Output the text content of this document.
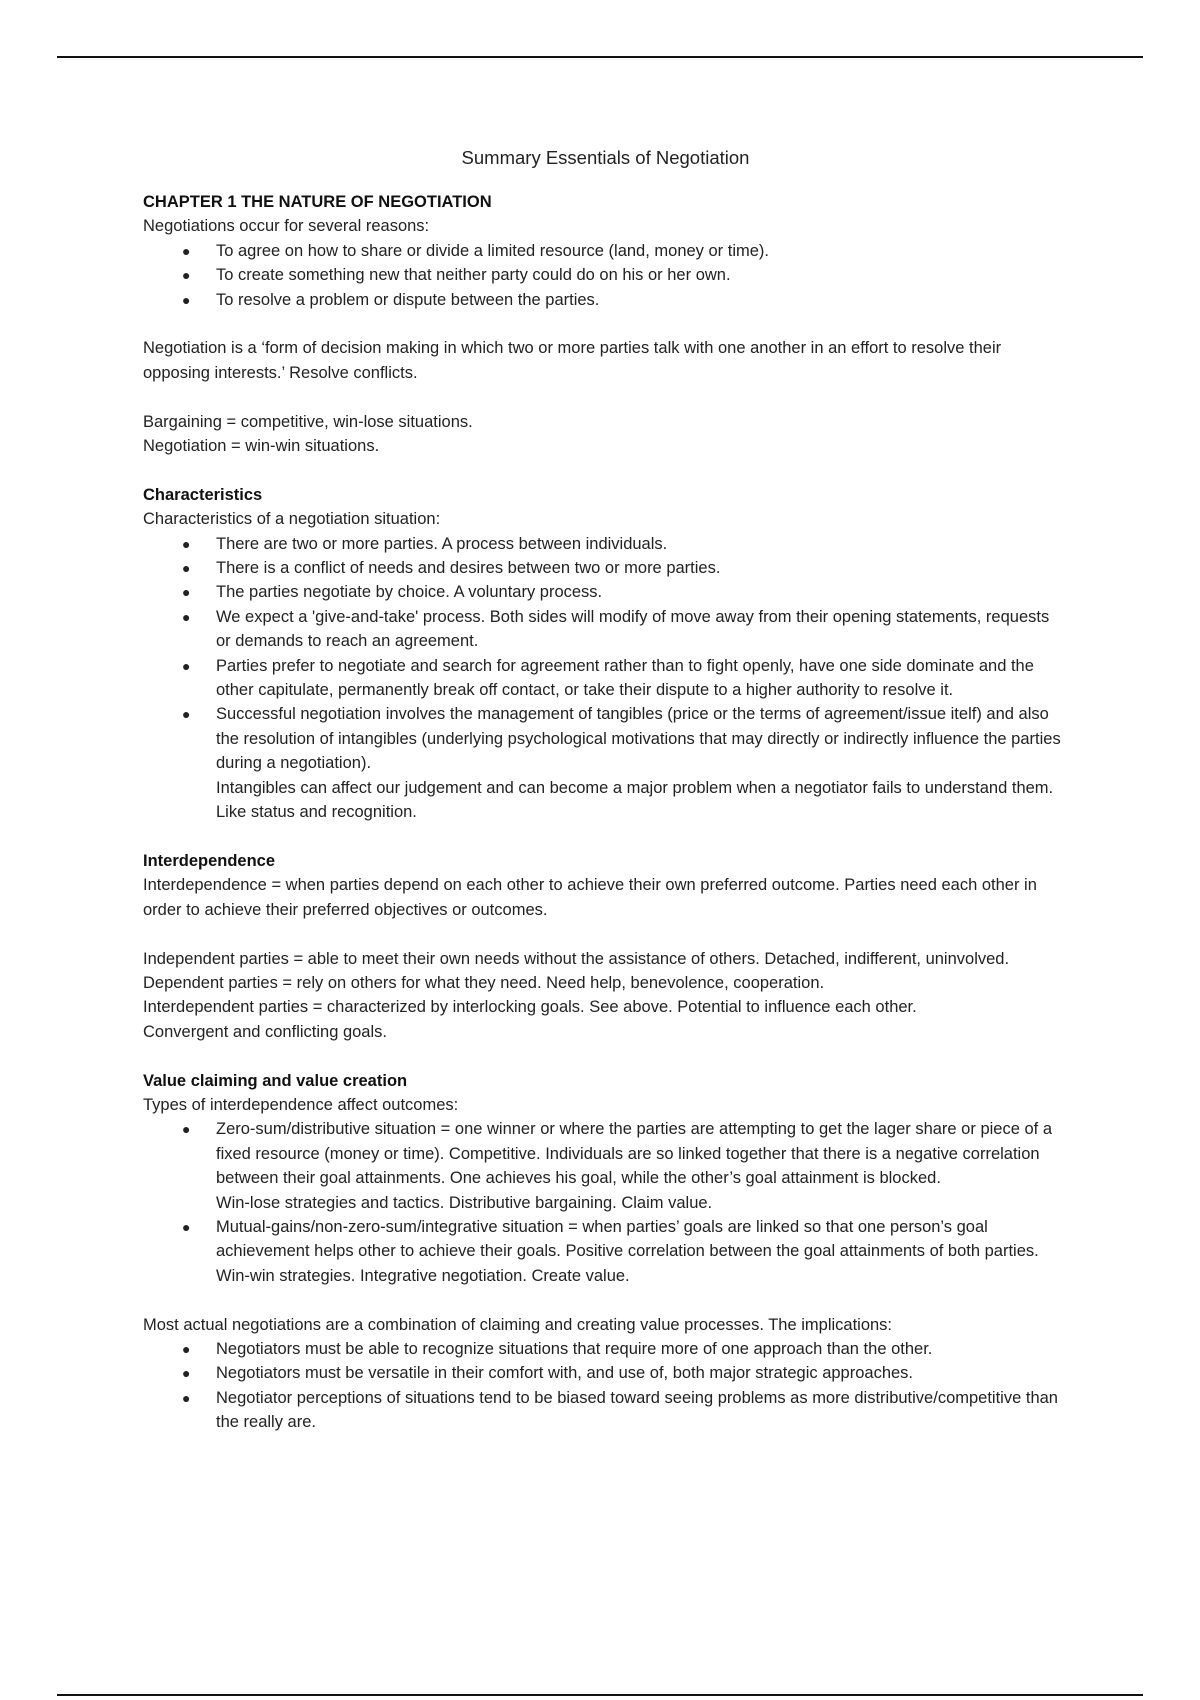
Summary Essentials of Negotiation
CHAPTER 1 THE NATURE OF NEGOTIATION

Negotiations occur for several reasons:

● To agree on how to share or divide a limited resource (land, money or time).
● To create something new that neither party could do on his or her own.
● To resolve a problem or dispute between the parties.

Negotiation is a ‘form of decision making in which two or more parties talk with one another in an effort to resolve their opposing interests.’ Resolve conflicts.

Bargaining = competitive, win-lose situations.

Negotiation = win-win situations.

Characteristics

Characteristics of a negotiation situation:

● There are two or more parties. A process between individuals.
● There is a conflict of needs and desires between two or more parties.
● The parties negotiate by choice. A voluntary process.
● We expect a 'give-and-take' process. Both sides will modify of move away from their opening statements, requests or demands to reach an agreement.
● Parties prefer to negotiate and search for agreement rather than to fight openly, have one side dominate and the other capitulate, permanently break off contact, or take their dispute to a higher authority to resolve it.
● Successful negotiation involves the management of tangibles (price or the terms of agreement/issue itelf) and also the resolution of intangibles (underlying psychological motivations that may directly or indirectly influence the parties during a negotiation).

Intangibles can affect our judgement and can become a major problem when a negotiator fails to understand them. Like status and recognition.

Interdependence

Interdependence = when parties depend on each other to achieve their own preferred outcome. Parties need each other in order to achieve their preferred objectives or outcomes.

Independent parties = able to meet their own needs without the assistance of others. Detached, indifferent, uninvolved.

Dependent parties = rely on others for what they need. Need help, benevolence, cooperation.

Interdependent parties = characterized by interlocking goals. See above. Potential to influence each other.

Convergent and conflicting goals.

Value claiming and value creation

Types of interdependence affect outcomes:

● Zero-sum/distributive situation = one winner or where the parties are attempting to get the lager share or piece of a fixed resource (money or time). Competitive. Individuals are so linked together that there is a negative correlation between their goal attainments. One achieves his goal, while the other’s goal attainment is blocked.

Win-lose strategies and tactics. Distributive bargaining. Claim value.

● Mutual-gains/non-zero-sum/integrative situation = when parties’ goals are linked so that one person’s goal achievement helps other to achieve their goals. Positive correlation between the goal attainments of both parties.

Win-win strategies. Integrative negotiation. Create value.

Most actual negotiations are a combination of claiming and creating value processes. The implications:

● Negotiators must be able to recognize situations that require more of one approach than the other.
● Negotiators must be versatile in their comfort with, and use of, both major strategic approaches.
● Negotiator perceptions of situations tend to be biased toward seeing problems as more distributive/competitive than the really are.
